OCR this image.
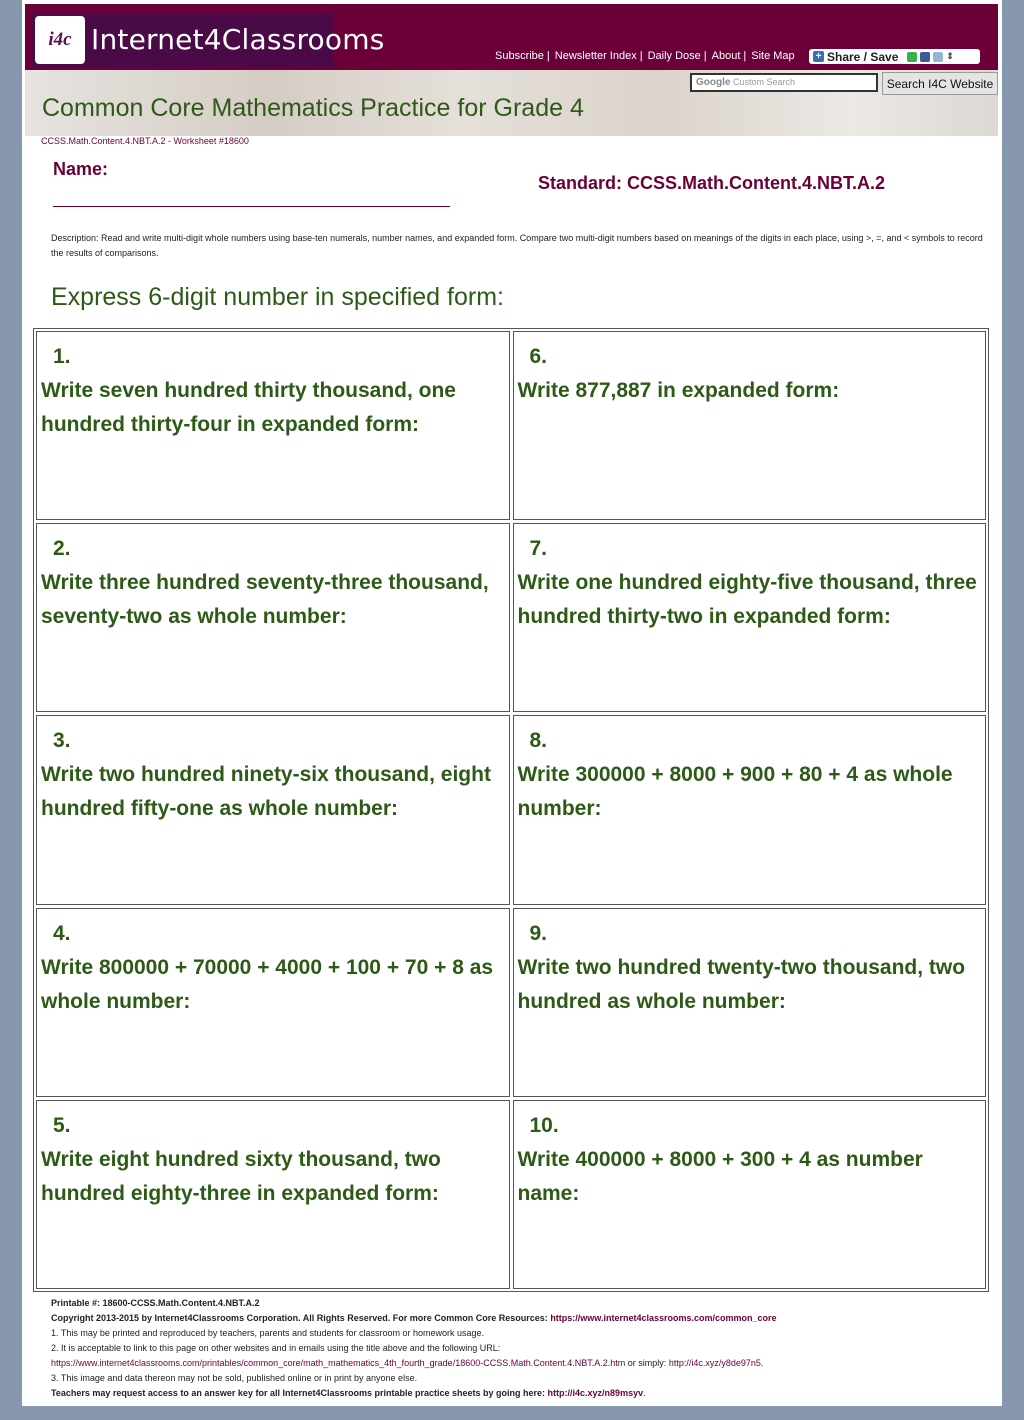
i4c Internet4Classrooms	Subscribe | Newsletter Index | Daily Dose | About | Site Map + Share / Save	⇕
Google Custom Search	Search I4C Website
Common Core Mathematics Practice for Grade 4
CCSS.Math.Content.4.NBT.A.2 - Worksheet #18600
Name:
Standard: CCSS.Math.Content.4.NBT.A.2
Description: Read and write multi-digit whole numbers using base-ten numerals, number names, and expanded form. Compare two multi-digit numbers based on meanings of the digits in each place, using >, =, and < symbols to record the results of comparisons.
Express 6-digit number in specified form:
1.
Write seven hundred thirty thousand, one hundred thirty-four in expanded form:
6.
Write 877,887 in expanded form:
2.
Write three hundred seventy-three thousand, seventy-two as whole number:
7.
Write one hundred eighty-five thousand, three hundred thirty-two in expanded form:
3.
Write two hundred ninety-six thousand, eight hundred fifty-one as whole number:
8.
Write 300000 + 8000 + 900 + 80 + 4 as whole number:
4.
Write 800000 + 70000 + 4000 + 100 + 70 + 8 as whole number:
9.
Write two hundred twenty-two thousand, two hundred as whole number:
5.
Write eight hundred sixty thousand, two hundred eighty-three in expanded form:
10.
Write 400000 + 8000 + 300 + 4 as number name:
Printable #: 18600-CCSS.Math.Content.4.NBT.A.2
Copyright 2013-2015 by Internet4Classrooms Corporation. All Rights Reserved. For more Common Core Resources: https://www.internet4classrooms.com/common_core
1. This may be printed and reproduced by teachers, parents and students for classroom or homework usage.
2. It is acceptable to link to this page on other websites and in emails using the title above and the following URL:
https://www.internet4classrooms.com/printables/common_core/math_mathematics_4th_fourth_grade/18600-CCSS.Math.Content.4.NBT.A.2.htm or simply: http://i4c.xyz/y8de97n5.
3. This image and data thereon may not be sold, published online or in print by anyone else.
Teachers may request access to an answer key for all Internet4Classrooms printable practice sheets by going here: http://i4c.xyz/n89msyv.
